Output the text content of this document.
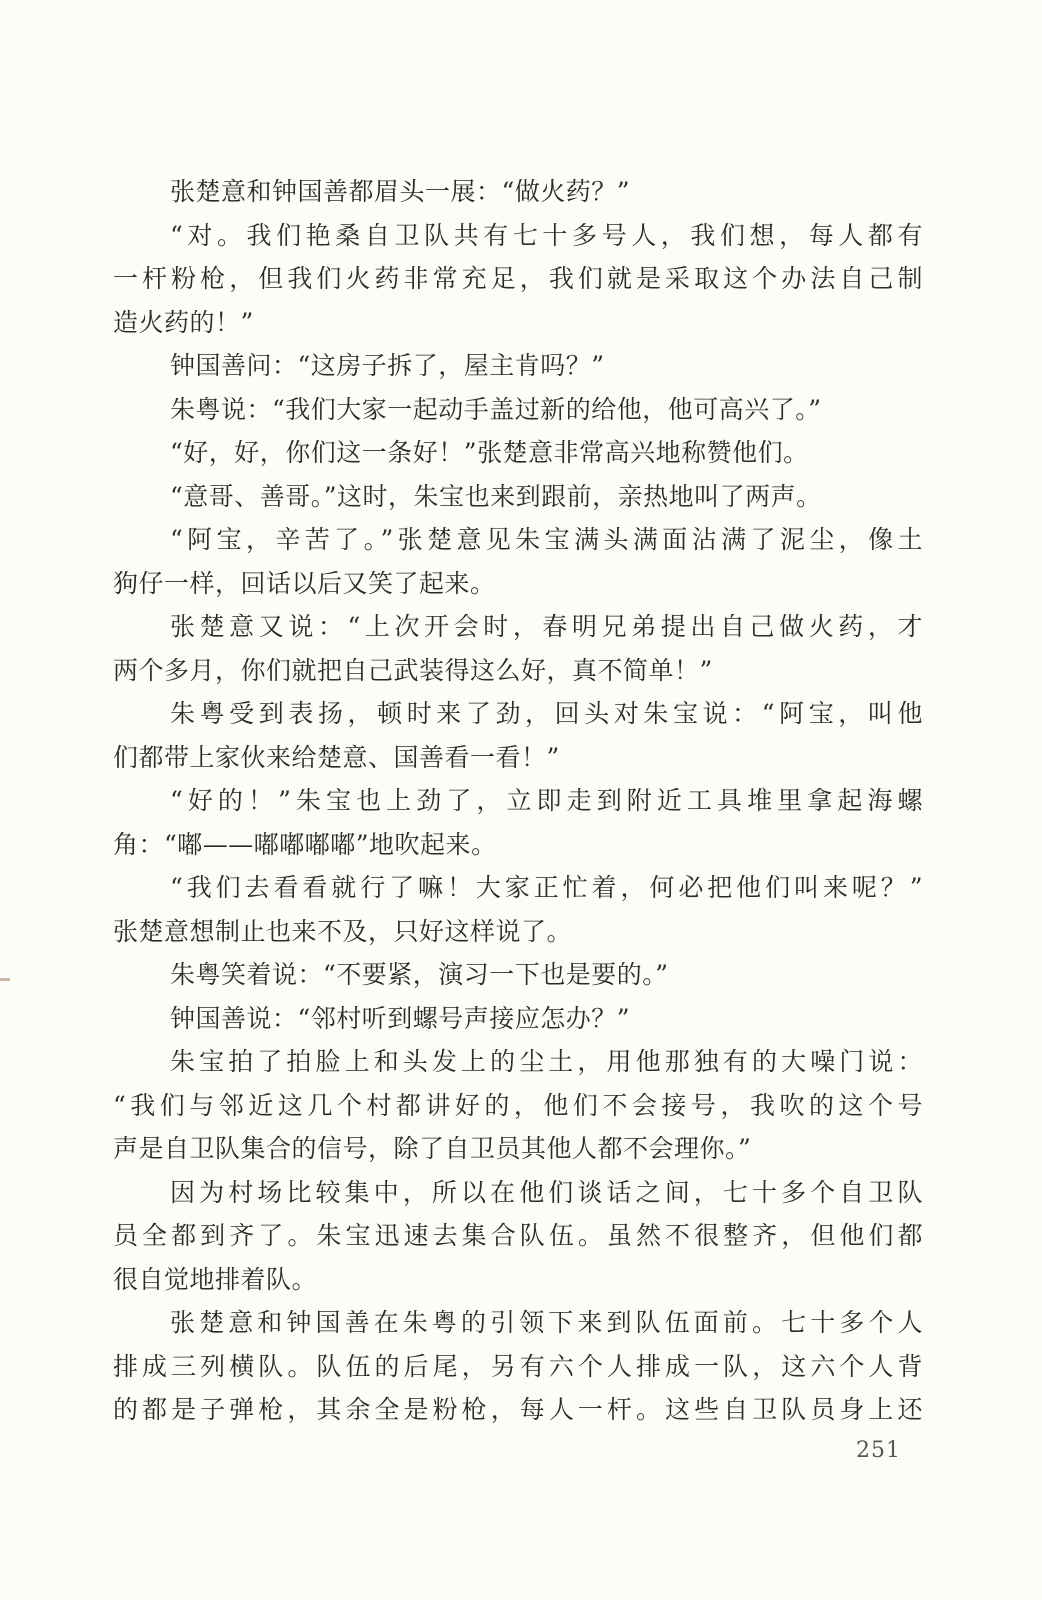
张楚意和钟国善都眉头一展：“做火药？”
“对。我们艳桑自卫队共有七十多号人，我们想，每人都有
一杆粉枪，但我们火药非常充足，我们就是采取这个办法自己制
造火药的！”
钟国善问：“这房子拆了，屋主肯吗？”
朱粤说：“我们大家一起动手盖过新的给他，他可高兴了。”
“好，好，你们这一条好！”张楚意非常高兴地称赞他们。
“意哥、善哥。”这时，朱宝也来到跟前，亲热地叫了两声。
“阿宝，辛苦了。”张楚意见朱宝满头满面沾满了泥尘，像土
狗仔一样，回话以后又笑了起来。
张楚意又说：“上次开会时，春明兄弟提出自己做火药，才
两个多月，你们就把自己武装得这么好，真不简单！”
朱粤受到表扬，顿时来了劲，回头对朱宝说：“阿宝，叫他
们都带上家伙来给楚意、国善看一看！”
“好的！”朱宝也上劲了，立即走到附近工具堆里拿起海螺
角：“嘟——嘟嘟嘟嘟”地吹起来。
“我们去看看就行了嘛！大家正忙着，何必把他们叫来呢？”
张楚意想制止也来不及，只好这样说了。
朱粤笑着说：“不要紧，演习一下也是要的。”
钟国善说：“邻村听到螺号声接应怎办？”
朱宝拍了拍脸上和头发上的尘土，用他那独有的大噪门说：
“我们与邻近这几个村都讲好的，他们不会接号，我吹的这个号
声是自卫队集合的信号，除了自卫员其他人都不会理你。”
因为村场比较集中，所以在他们谈话之间，七十多个自卫队
员全都到齐了。朱宝迅速去集合队伍。虽然不很整齐，但他们都
很自觉地排着队。
张楚意和钟国善在朱粤的引领下来到队伍面前。七十多个人
排成三列横队。队伍的后尾，另有六个人排成一队，这六个人背
的都是子弹枪，其余全是粉枪，每人一杆。这些自卫队员身上还
251
